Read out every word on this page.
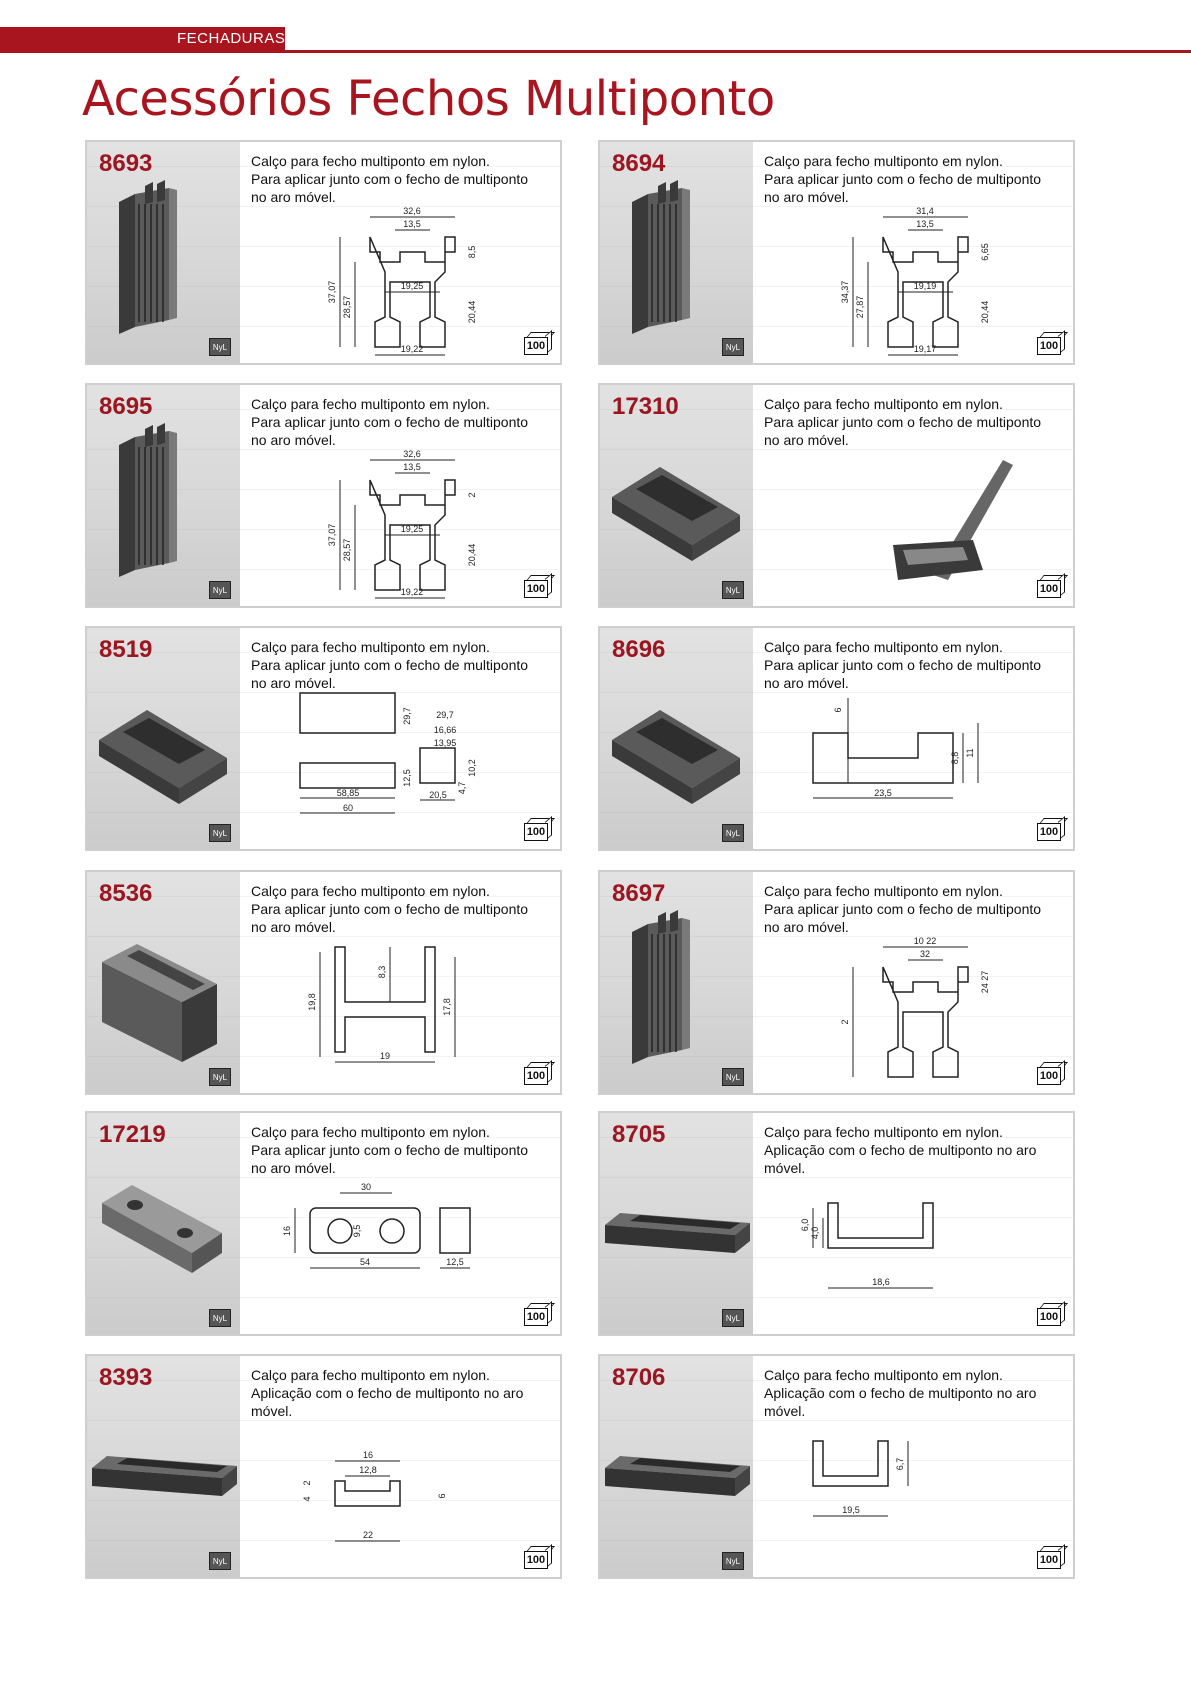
FECHADURAS
Acessórios Fechos Multiponto
8693	Calço para fecho multiponto em nylon.
Para aplicar junto com o fecho de multiponto
no aro móvel.
32,6
13,5
8,5
37,07
28,57
19,25
20,44
19,22
NyL	100
8694	Calço para fecho multiponto em nylon.
Para aplicar junto com o fecho de multiponto
no aro móvel.
31,4
13,5
6,65
34,37
27,87
19,19
20,44
19,17
NyL	100
8695	Calço para fecho multiponto em nylon.
Para aplicar junto com o fecho de multiponto
no aro móvel.
32,6
13,5
2
37,07
28,57
19,25
20,44
19,22
NyL	100
17310	Calço para fecho multiponto em nylon.
Para aplicar junto com o fecho de multiponto
no aro móvel.
NyL	100
8519	Calço para fecho multiponto em nylon.
Para aplicar junto com o fecho de multiponto
no aro móvel.
29,7	29,7
16,66
13,95
12,5
10,2
4,7
58,85	20,5
60
NyL	100
8696	Calço para fecho multiponto em nylon.
Para aplicar junto com o fecho de multiponto
no aro móvel.
6
8,8 11
23,5
NyL	100
8536	Calço para fecho multiponto em nylon.
Para aplicar junto com o fecho de multiponto
no aro móvel.
8,3
19,8	17,8
19
NyL	100
8697	Calço para fecho multiponto em nylon.
Para aplicar junto com o fecho de multiponto
no aro móvel.
10 22
32
24 27
2
NyL	100
17219	Calço para fecho multiponto em nylon.
Para aplicar junto com o fecho de multiponto
no aro móvel.
30
16	9,5
54	12,5
NyL	100
8705	Calço para fecho multiponto em nylon.
Aplicação com o fecho de multiponto no aro
móvel.
6,0
4,0
18,6
NyL	100
8393	Calço para fecho multiponto em nylon.
Aplicação com o fecho de multiponto no aro
móvel.
16
2
12,8
6
4
22
NyL	100
8706	Calço para fecho multiponto em nylon.
Aplicação com o fecho de multiponto no aro
móvel.
6,7
19,5
NyL	100
